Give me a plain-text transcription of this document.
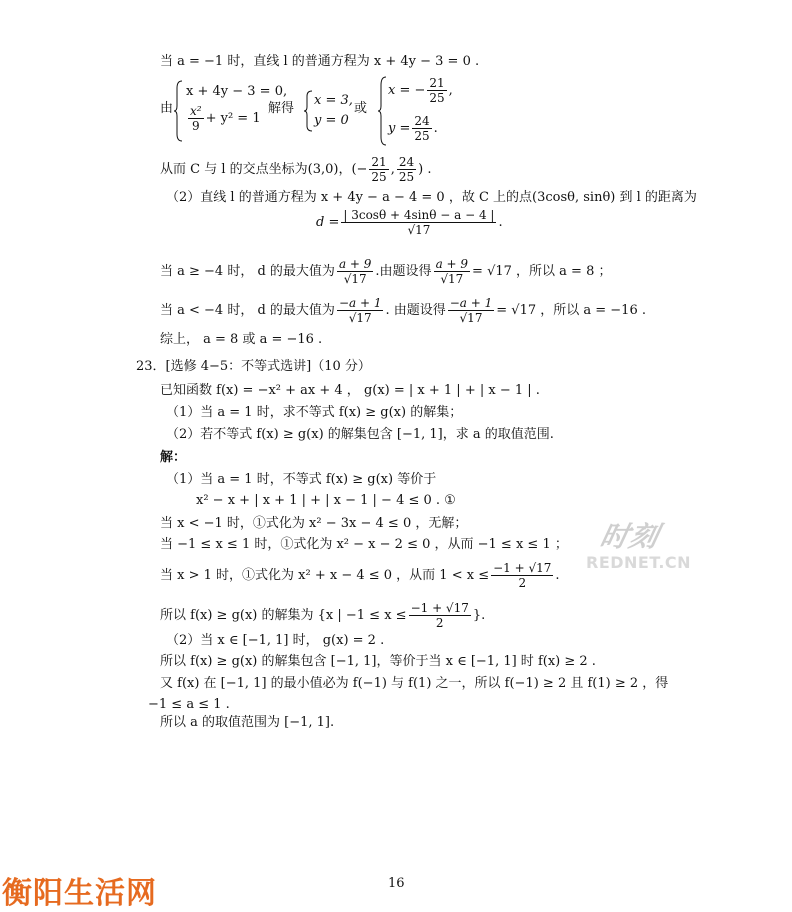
当 a = −1 时，直线 l 的普通方程为 x + 4y − 3 = 0 .
由
x + 4y − 3 = 0,
$\frac{\text{x²}}{9} + y^2 = 1$
解得
x = 3,
y = 0
或
x = − $\frac{21}{25}$ ,
$y = \frac{24}{25}$ .
从而 C 与 l 的交点坐标为(3,0)，(− $\frac{21}{25}$ , $\frac{24}{25}$ ) .
（2）直线 l 的普通方程为 x + 4y − a − 4 = 0 ，故 C 上的点(3cosθ, sinθ) 到 l 的距离为
$d = \frac{| 3\cos\theta + 4\sin\theta - a - 4 |}{√17}$ .
当 a ≥ −4 时， d 的最大值为 $\frac{a + 9}{√17}$ .由题设得 $\frac{a + 9}{√17} = √17$ ，所以 a = 8 ；
当 a < −4 时， d 的最大值为 $\frac{-a + 1}{√17}$ . 由题设得 $\frac{-a + 1}{√17} = √17$ ，所以 a = −16 .
综上， a = 8 或 a = −16 .
23．[选修 4−5：不等式选讲]（10 分）
已知函数 f(x) = −x² + ax + 4 ， g(x) = | x + 1 | + | x − 1 | .
（1）当 a = 1 时，求不等式 f(x) ≥ g(x) 的解集；
（2）若不等式 f(x) ≥ g(x) 的解集包含 [−1, 1]，求 a 的取值范围.
解：
（1）当 a = 1 时，不等式 f(x) ≥ g(x) 等价于
x² − x + | x + 1 | + | x − 1 | − 4 ≤ 0 . ①
当 x < −1 时，①式化为 x² − 3x − 4 ≤ 0 ，无解；
当 −1 ≤ x ≤ 1 时，①式化为 x² − x − 2 ≤ 0 ，从而 −1 ≤ x ≤ 1 ；
当 x > 1 时，①式化为 x² + x − 4 ≤ 0 ，从而 $1 < x \le \frac{-1 + √17}{2}$ .
所以 f(x) ≥ g(x) 的解集为 {x | $-1 \le x \le \frac{-1 + √17}{2}$ }.
（2）当 x ∈ [−1, 1] 时， g(x) = 2 .
所以 f(x) ≥ g(x) 的解集包含 [−1, 1]，等价于当 x ∈ [−1, 1] 时 f(x) ≥ 2 .
又 f(x) 在 [−1, 1] 的最小值必为 f(−1) 与 f(1) 之一，所以 f(−1) ≥ 2 且 f(1) ≥ 2 ，得
−1 ≤ a ≤ 1 .
所以 a 的取值范围为 [−1, 1].
时刻
REDNET.CN
16
衡阳生活网
